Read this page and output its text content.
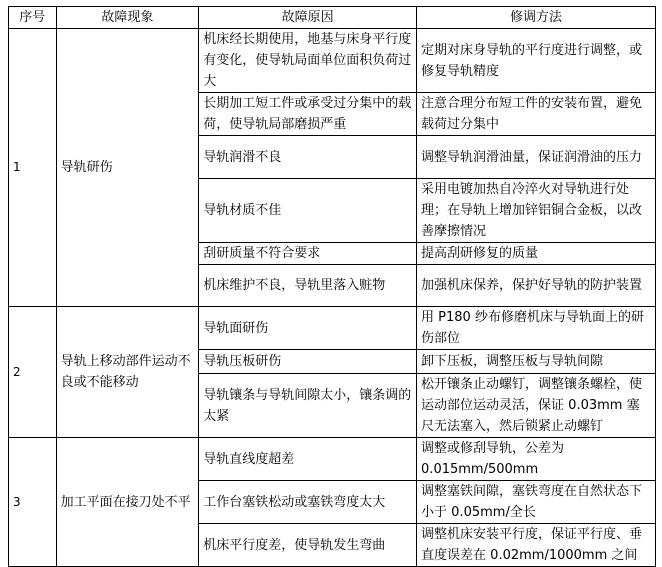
序号	故障现象	故障原因	修调方法
1	导轨研伤	机床经长期使用，地基与床身平行度有变化，使导轨局面单位面积负荷过大	定期对床身导轨的平行度进行调整，或修复导轨精度
		长期加工短工件或承受过分集中的载荷，使导轨局部磨损严重	注意合理分布短工件的安装布置，避免载荷过分集中
		导轨润滑不良	调整导轨润滑油量，保证润滑油的压力
		导轨材质不佳	采用电镀加热自冷淬火对导轨进行处理；在导轨上增加锌铝铜合金板，以改善摩擦情况
		刮研质量不符合要求	提高刮研修复的质量
		机床维护不良，导轨里落入赃物	加强机床保养，保护好导轨的防护装置
2	导轨上移动部件运动不良或不能移动	导轨面研伤	用 P180 纱布修磨机床与导轨面上的研伤部位
		导轨压板研伤	卸下压板，调整压板与导轨间隙
		导轨镶条与导轨间隙太小，镶条调的太紧	松开镶条止动螺钉，调整镶条螺栓，使运动部位运动灵活，保证 0.03mm 塞尺无法塞入，然后锁紧止动螺钉
3	加工平面在接刀处不平	导轨直线度超差	调整或修刮导轨，公差为 0.015mm/500mm
		工作台塞铁松动或塞铁弯度太大	调整塞铁间隙，塞铁弯度在自然状态下小于 0.05mm/全长
		机床平行度差，使导轨发生弯曲	调整机床安装平行度，保证平行度、垂直度误差在 0.02mm/1000mm 之间
